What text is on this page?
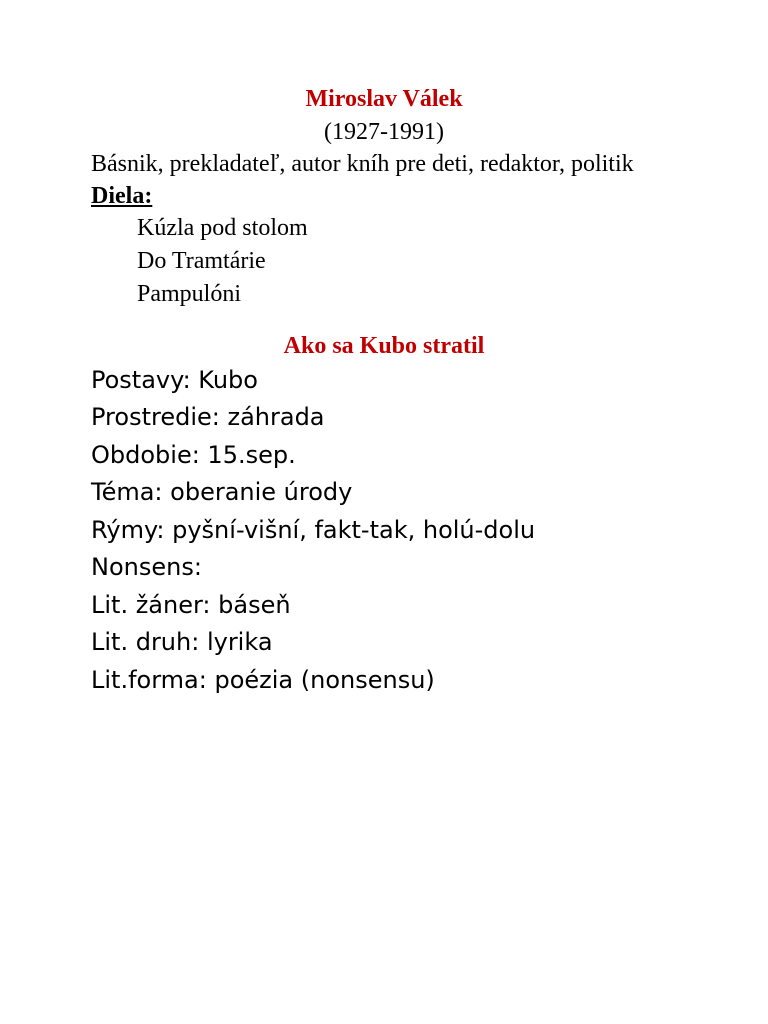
Miroslav Válek

(1927-1991)

Básnik, prekladateľ, autor kníh pre deti, redaktor, politik

Diela:

Kúzla pod stolom

Do Tramtárie

Pampulóni

Ako sa Kubo stratil

Postavy: Kubo

Prostredie: záhrada

Obdobie: 15.sep.

Téma: oberanie úrody

Rýmy: pyšní-višní, fakt-tak, holú-dolu

Nonsens:

Lit. žáner: báseň

Lit. druh: lyrika

Lit.forma: poézia (nonsensu)
